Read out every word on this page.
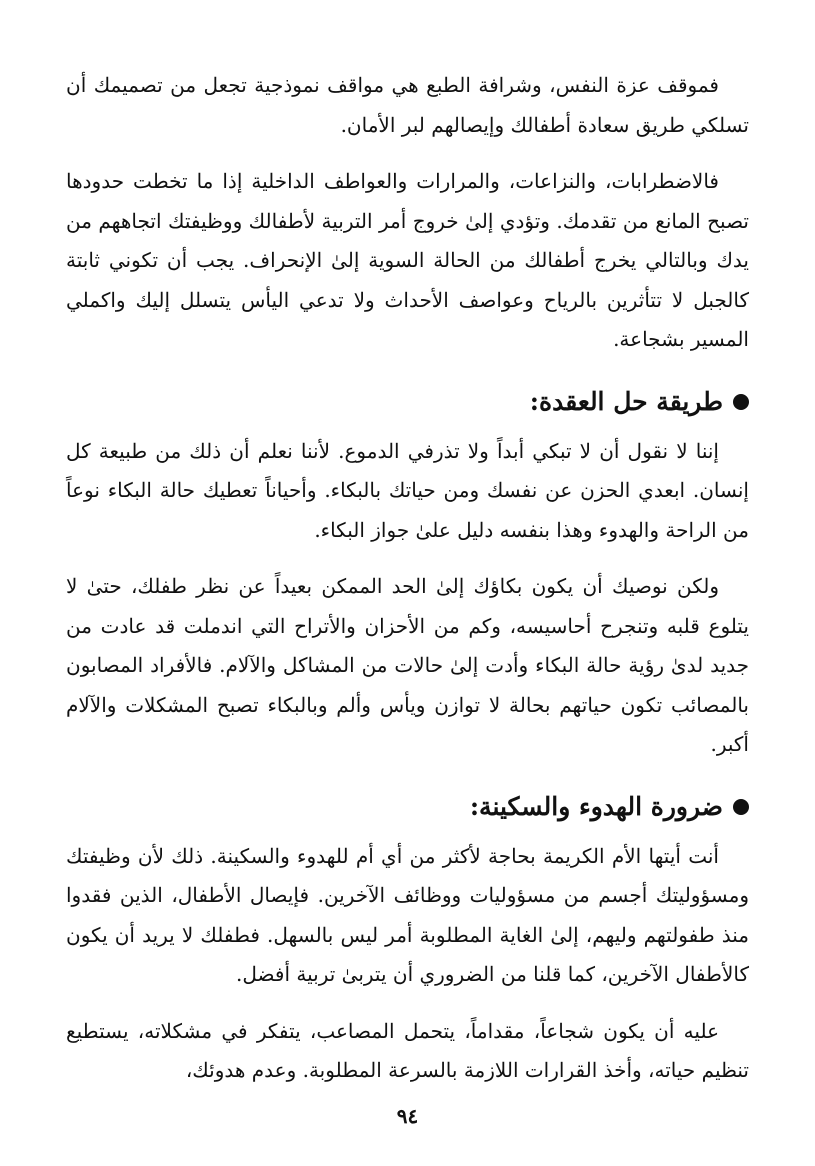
فموقف عزة النفس، وشرافة الطبع هي مواقف نموذجية تجعل من تصميمك أن تسلكي طريق سعادة أطفالك وإيصالهم لبر الأمان.

فالاضطرابات، والنزاعات، والمرارات والعواطف الداخلية إذا ما تخطت حدودها تصبح المانع من تقدمك. وتؤدي إلىٰ خروج أمر التربية لأطفالك ووظيفتك اتجاههم من يدك وبالتالي يخرج أطفالك من الحالة السوية إلىٰ الإنحراف. يجب أن تكوني ثابتة كالجبل لا تتأثرين بالرياح وعواصف الأحداث ولا تدعي اليأس يتسلل إليك واكملي المسير بشجاعة.

طريقة حل العقدة:

إننا لا نقول أن لا تبكي أبداً ولا تذرفي الدموع. لأننا نعلم أن ذلك من طبيعة كل إنسان. ابعدي الحزن عن نفسك ومن حياتك بالبكاء. وأحياناً تعطيك حالة البكاء نوعاً من الراحة والهدوء وهذا بنفسه دليل علىٰ جواز البكاء.

ولكن نوصيك أن يكون بكاؤك إلىٰ الحد الممكن بعيداً عن نظر طفلك، حتىٰ لا يتلوع قلبه وتنجرح أحاسيسه، وكم من الأحزان والأتراح التي اندملت قد عادت من جديد لدىٰ رؤية حالة البكاء وأدت إلىٰ حالات من المشاكل والآلام. فالأفراد المصابون بالمصائب تكون حياتهم بحالة لا توازن ويأس وألم وبالبكاء تصبح المشكلات والآلام أكبر.

ضرورة الهدوء والسكينة:

أنت أيتها الأم الكريمة بحاجة لأكثر من أي أم للهدوء والسكينة. ذلك لأن وظيفتك ومسؤوليتك أجسم من مسؤوليات ووظائف الآخرين. فإيصال الأطفال، الذين فقدوا منذ طفولتهم وليهم، إلىٰ الغاية المطلوبة أمر ليس بالسهل. فطفلك لا يريد أن يكون كالأطفال الآخرين، كما قلنا من الضروري أن يتربىٰ تربية أفضل.

عليه أن يكون شجاعاً، مقداماً، يتحمل المصاعب، يتفكر في مشكلاته، يستطيع تنظيم حياته، وأخذ القرارات اللازمة بالسرعة المطلوبة. وعدم هدوئك،

٩٤
